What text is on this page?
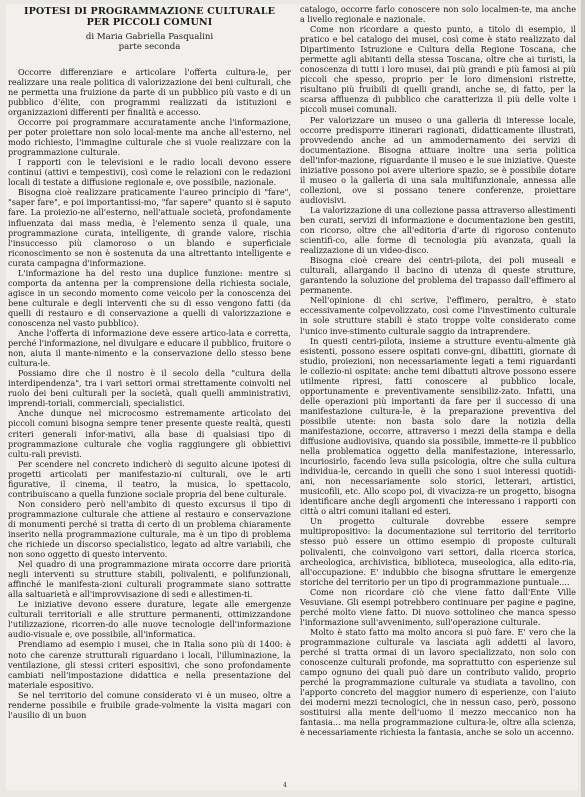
IPOTESI DI PROGRAMMAZIONE CULTURALE
PER PICCOLI COMUNI
di Maria Gabriella Pasqualini
parte seconda

Occorre differenziare e articolare l'offerta cultura-le, per realizzare una reale politica di valorizzazione dei beni culturali, che ne permetta una fruizione da parte di un pubblico più vasto e di un pubblico d'élite, con programmi realizzati da istituzioni e organizzazioni differenti per finalità e accesso.

Occorre poi programmare accuratamente anche l'informazione, per poter proiettare non solo local-mente ma anche all'esterno, nel modo richiesto, l'immagine culturale che si vuole realizzare con la programmazione culturale.

I rapporti con le televisioni e le radio locali devono essere continui (attivi e tempestivi), così come le relazioni con le redazioni locali di testate a diffusione regionale e, ove possibile, nazionale.

Bisogna cioè realizzare praticamente l'aureo principio di "fare", "saper fare", e poi importantissi-mo, "far sapere" quanto si è saputo fare. La proiezio-ne all'esterno, nell'attuale società, profondamente influenzata dai mass media, è l'elemento senza il quale, una programmazione curata, intelligente, di grande valore, rischia l'insuccesso più clamoroso o un blando e superficiale riconoscimento se non è sostenuta da una altrettanto intelligente e curata campagna d'informazione.

L'informazione ha del resto una duplice funzione: mentre si comporta da antenna per la comprensione della richiesta sociale, agisce in un secondo momento come veicolo per la conoscenza dei bene culturale e degli interventi che su di esso vengono fatti (da quelli di restauro e di conservazione a quelli di valorizzazione e conoscenza nel vasto pubblico).

Anche l'offerta di informazione deve essere artico-lata e corretta, perché l'informazione, nel divulgare e educare il pubblico, fruitore o non, aiuta il mante-nimento e la conservazione dello stesso bene cultura-le.

Possiamo dire che il nostro è il secolo della "cultura della interdipendenza", tra i vari settori ormai strettamente coinvolti nel ruolo dei beni culturali per la società, quali quelli amministrativi, imprendi-toriali, commerciali, specialistici.

Anche dunque nel microcosmo estremamente articolato dei piccoli comuni bisogna sempre tener presente queste realtà, questi criteri generali infor-mativi, alla base di qualsiasi tipo di programmazione culturale che voglia raggiungere gli obbiettivi cultu-rali previsti.

Per scendere nel concreto indicherò di seguito alcune ipotesi di progetti articolati per manifestazio-ni culturali, ove le arti figurative, il cinema, il teatro, la musica, lo spettacolo, contribuiscano a quella funzione sociale propria del bene culturale.

Non considero però nell'ambito di questo excursus il tipo di programmazione culturale che attiene al restauro e conservazione di monumenti perché si tratta di certo di un problema chiaramente inserito nella programmazione culturale, ma è un tipo di problema che richiede un discorso specialistico, legato ad altre variabili, che non sono oggetto di questo intervento.

Nel quadro di una programmazione mirata occorre dare priorità negli interventi su strutture stabili, polivalenti, e polifunzionali, affinché le manifesta-zioni culturali programmate siano sottratte alla saltuarietà e all'improvvisazione di sedi e allestimen-ti.

Le iniziative devono essere durature, legate alle emergenze culturali territoriali e alle strutture permanenti, ottimizzandone l'utilizzazione, ricorren-do alle nuove tecnologie dell'informazione audio-visuale e, ove possibile, all'informatica.

Prendiamo ad esempio i musei, che in Italia sono più di 1400: è noto che carenze strutturali riguardano i locali, l'illuminazione, la ventilazione, gli stessi criteri espositivi, che sono profondamente cambiati nell'impostazione didattica e nella presentazione del materiale espositivo.

Se nel territorio del comune considerato vi è un museo, oltre a renderne possibile e fruibile grade-volmente la visita magari con l'ausilio di un buon

catalogo, occorre farlo conoscere non solo localmen-te, ma anche a livello regionale e nazionale.

Come non ricordare a questo punto, a titolo di esempio, il pratico e bel catalogo dei musei, così come è stato realizzato dal Dipartimento Istruzione e Cultura della Regione Toscana, che permette agli abitanti della stessa Toscana, oltre che ai turisti, la conoscenza di tutti i loro musei, dai più grandi e più famosi ai più piccoli che spesso, proprio per le loro dimensioni ristrette, risultano più fruibili di quelli grandi, anche se, di fatto, per la scarsa affluenza di pubblico che caratterizza il più delle volte i piccoli musei comunali.

Per valorizzare un museo o una galleria di interesse locale, occorre predisporre itinerari ragionati, didatticamente illustrati, provvedendo anche ad un ammodernamento dei servizi di documentazione. Bisogna attuare inoltre una seria politica dell'infor-mazione, riguardante il museo e le sue iniziative. Queste iniziative possono poi avere ulteriore spazio, se è possibile dotare il museo o la galleria di una sala multifunzionale, annessa alle collezioni, ove si possano tenere conferenze, proiettare audiovisivi.

La valorizzazione di una collezione passa attraverso allestimenti ben curati, servizi di informazione e documentazione ben gestiti, con ricorso, oltre che all'editoria d'arte di rigoroso contenuto scientifi-co, alle forme di tecnologia più avanzata, quali la realizzazione di un video-disco.

Bisogna cioè creare dei centri-pilota, dei poli museali e culturali, allargando il bacino di utenza di queste strutture, garantendo la soluzione del problema del trapasso dall'effimero al permanente.

Nell'opinione di chi scrive, l'effimero, peraltro, è stato eccessivamente colpevolizzato, così come l'investimento culturale in sole strutture stabili è stato troppe volte considerato come l'unico inve-stimento culturale saggio da intraprendere.

In questi centri-pilota, insieme a strutture eventu-almente già esistenti, possono essere ospitati conve-gni, dibattiti, giornate di studio, proiezioni, non necessariamente legati a temi riguardanti le collezio-ni ospitate: anche temi dibattuti altrove possono essere utilmente ripresi, fatti conoscere al pubblico locale, opportunamente e preventivamente sensibiliz-zato. Infatti, una delle operazioni più importanti da fare per il successo di una manifestazione cultura-le, è la preparazione preventiva del possibile utente: non basta solo dare la notizia della manifestazione, occorre, attraverso i mezzi della stampa e della diffusione audiovisiva, quando sia possibile, immette-re il pubblico nella problematica oggetto della manifestazione, interessarlo, incuriosirlo, facendo leva sulla psicologia, oltre che sulla cultura individua-le, cercando in quelli che sono i suoi interessi quotidi-ani, non necessariamente solo storici, letterari, artistici, musicofili, etc. Allo scopo poi, di vivacizza-re un progetto, bisogna identificare anche degli argomenti che interessano i rapporti con città o altri comuni italiani ed esteri.

Un progetto culturale dovrebbe essere sempre multipropositivo: la documentazione sul territorio del territorio stesso può essere un ottimo esempio di proposte culturali polivalenti, che coinvolgono vari settori, dalla ricerca storica, archeologica, archivistica, biblioteca, museologica, alla edito-ria, all'occupazione. E' indubbio che bisogna sfruttare le emergenze storiche del territorio per un tipo di programmazione puntuale....

Come non ricordare ciò che viene fatto dall'Ente Ville Vesuviane. Gli esempi potrebbero continuare per pagine e pagine, perché molto viene fatto. Di nuovo sottolineo che manca spesso l'informazione sull'avvenimento, sull'operazione culturale.

Molto è stato fatto ma molto ancora si può fare. E' vero che la programmazione culturale va lasciata agli addetti al lavoro, perché si tratta ormai di un lavoro specializzato, non solo con conoscenze culturali profonde, ma soprattutto con esperienze sul campo ognuno dei quali può dare un contributo valido, proprio perché la programmazione culturale va studiata a tavolino, con l'apporto concreto del maggior numero di esperienze, con l'aiuto dei moderni mezzi tecnologici, che in nessun caso, però, possono sostituirsi alla mente dell'uomo il mezzo meccanico non ha fantasia... ma nella programmazione cultura-le, oltre alla scienza, è necessariamente richiesta la fantasia, anche se solo un accenno.

4
